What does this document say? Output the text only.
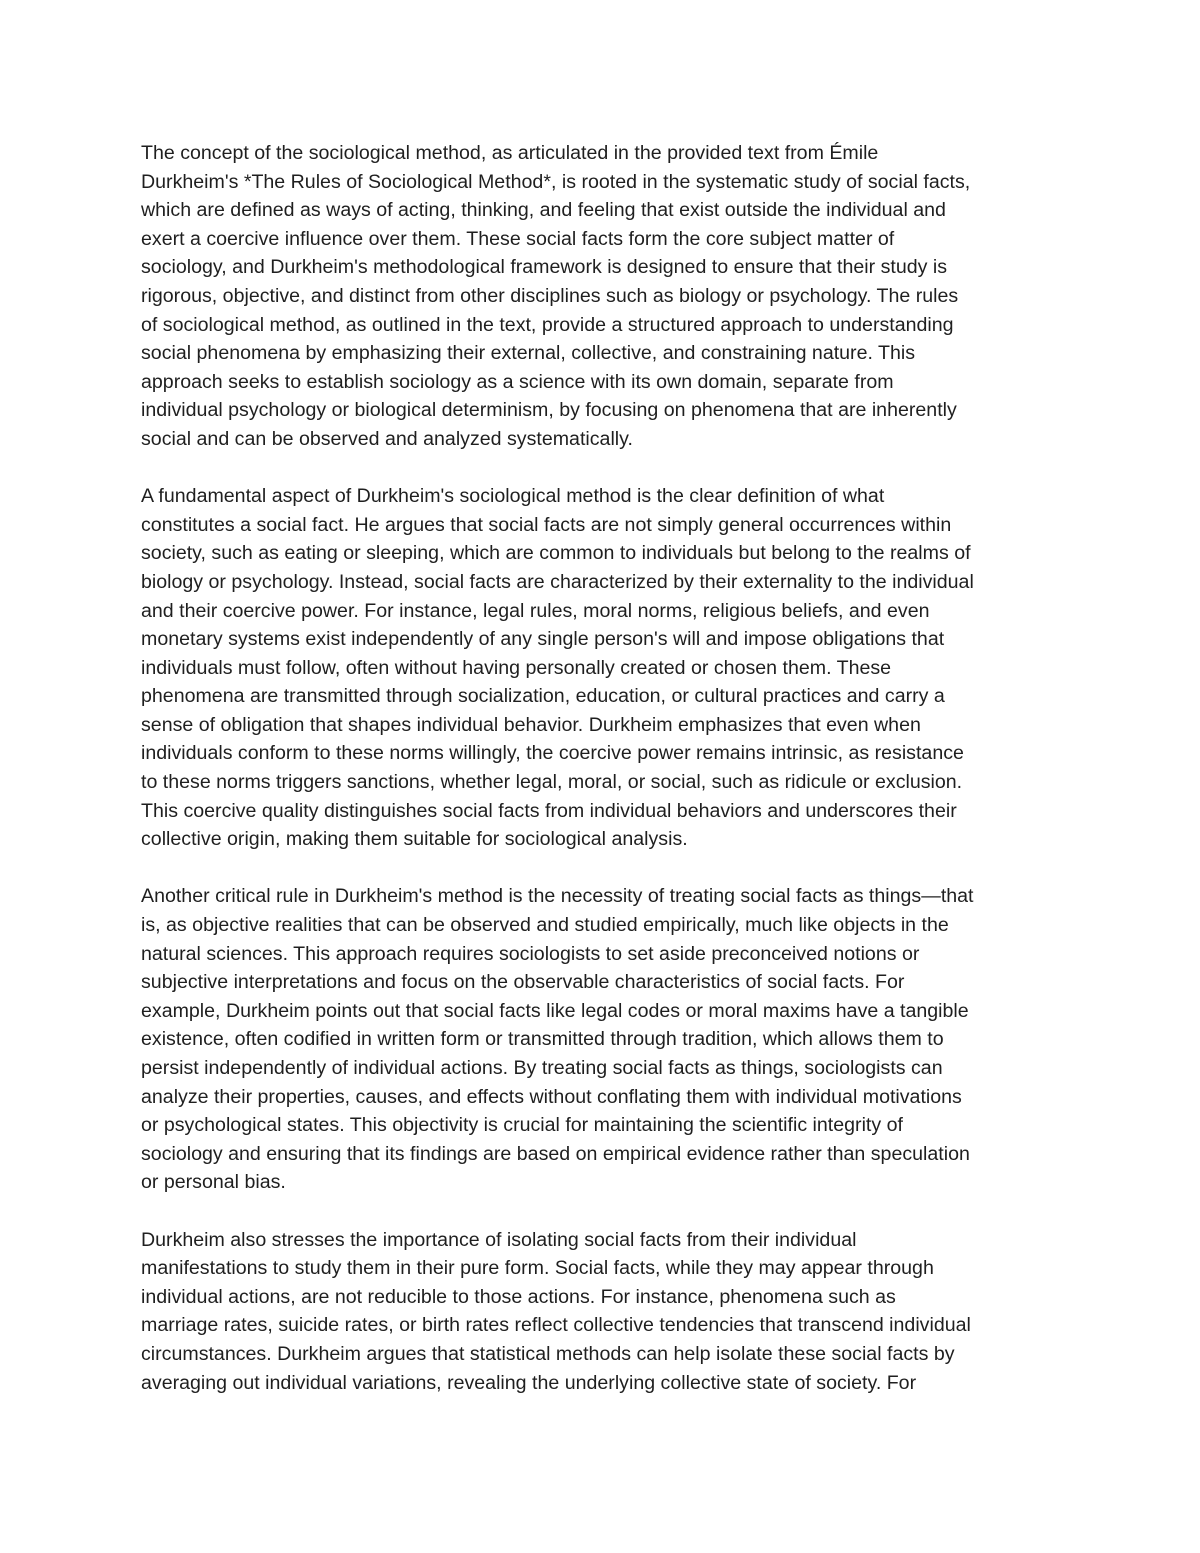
The concept of the sociological method, as articulated in the provided text from Émile
Durkheim's *The Rules of Sociological Method*, is rooted in the systematic study of social facts,
which are defined as ways of acting, thinking, and feeling that exist outside the individual and
exert a coercive influence over them. These social facts form the core subject matter of
sociology, and Durkheim's methodological framework is designed to ensure that their study is
rigorous, objective, and distinct from other disciplines such as biology or psychology. The rules
of sociological method, as outlined in the text, provide a structured approach to understanding
social phenomena by emphasizing their external, collective, and constraining nature. This
approach seeks to establish sociology as a science with its own domain, separate from
individual psychology or biological determinism, by focusing on phenomena that are inherently
social and can be observed and analyzed systematically.
A fundamental aspect of Durkheim's sociological method is the clear definition of what
constitutes a social fact. He argues that social facts are not simply general occurrences within
society, such as eating or sleeping, which are common to individuals but belong to the realms of
biology or psychology. Instead, social facts are characterized by their externality to the individual
and their coercive power. For instance, legal rules, moral norms, religious beliefs, and even
monetary systems exist independently of any single person's will and impose obligations that
individuals must follow, often without having personally created or chosen them. These
phenomena are transmitted through socialization, education, or cultural practices and carry a
sense of obligation that shapes individual behavior. Durkheim emphasizes that even when
individuals conform to these norms willingly, the coercive power remains intrinsic, as resistance
to these norms triggers sanctions, whether legal, moral, or social, such as ridicule or exclusion.
This coercive quality distinguishes social facts from individual behaviors and underscores their
collective origin, making them suitable for sociological analysis.
Another critical rule in Durkheim's method is the necessity of treating social facts as things—that
is, as objective realities that can be observed and studied empirically, much like objects in the
natural sciences. This approach requires sociologists to set aside preconceived notions or
subjective interpretations and focus on the observable characteristics of social facts. For
example, Durkheim points out that social facts like legal codes or moral maxims have a tangible
existence, often codified in written form or transmitted through tradition, which allows them to
persist independently of individual actions. By treating social facts as things, sociologists can
analyze their properties, causes, and effects without conflating them with individual motivations
or psychological states. This objectivity is crucial for maintaining the scientific integrity of
sociology and ensuring that its findings are based on empirical evidence rather than speculation
or personal bias.
Durkheim also stresses the importance of isolating social facts from their individual
manifestations to study them in their pure form. Social facts, while they may appear through
individual actions, are not reducible to those actions. For instance, phenomena such as
marriage rates, suicide rates, or birth rates reflect collective tendencies that transcend individual
circumstances. Durkheim argues that statistical methods can help isolate these social facts by
averaging out individual variations, revealing the underlying collective state of society. For
